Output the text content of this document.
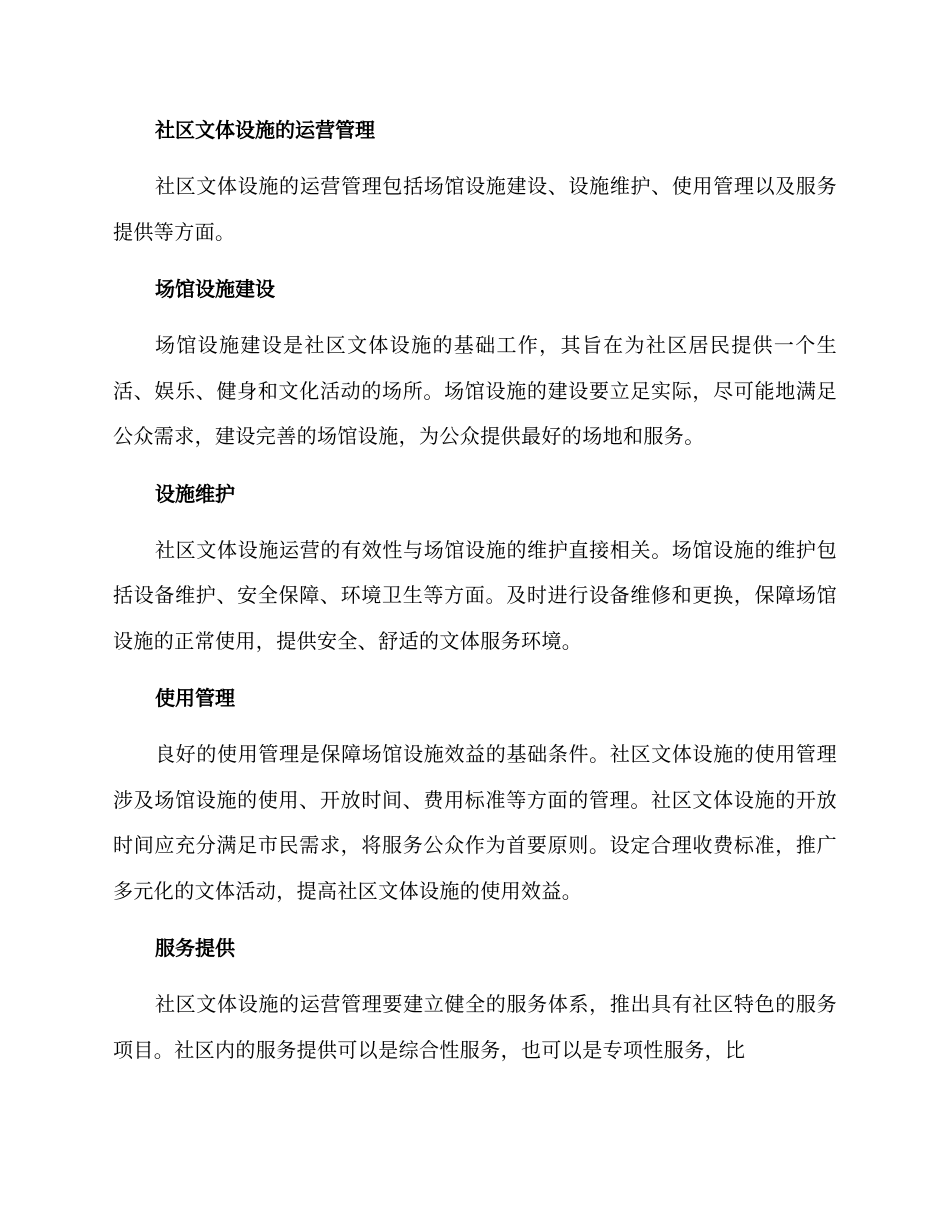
社区文体设施的运营管理

社区文体设施的运营管理包括场馆设施建设、设施维护、使用管理以及服务提供等方面。

场馆设施建设

场馆设施建设是社区文体设施的基础工作，其旨在为社区居民提供一个生活、娱乐、健身和文化活动的场所。场馆设施的建设要立足实际，尽可能地满足公众需求，建设完善的场馆设施，为公众提供最好的场地和服务。

设施维护

社区文体设施运营的有效性与场馆设施的维护直接相关。场馆设施的维护包括设备维护、安全保障、环境卫生等方面。及时进行设备维修和更换，保障场馆设施的正常使用，提供安全、舒适的文体服务环境。

使用管理

良好的使用管理是保障场馆设施效益的基础条件。社区文体设施的使用管理涉及场馆设施的使用、开放时间、费用标准等方面的管理。社区文体设施的开放时间应充分满足市民需求，将服务公众作为首要原则。设定合理收费标准，推广多元化的文体活动，提高社区文体设施的使用效益。

服务提供

社区文体设施的运营管理要建立健全的服务体系，推出具有社区特色的服务项目。社区内的服务提供可以是综合性服务，也可以是专项性服务，比
